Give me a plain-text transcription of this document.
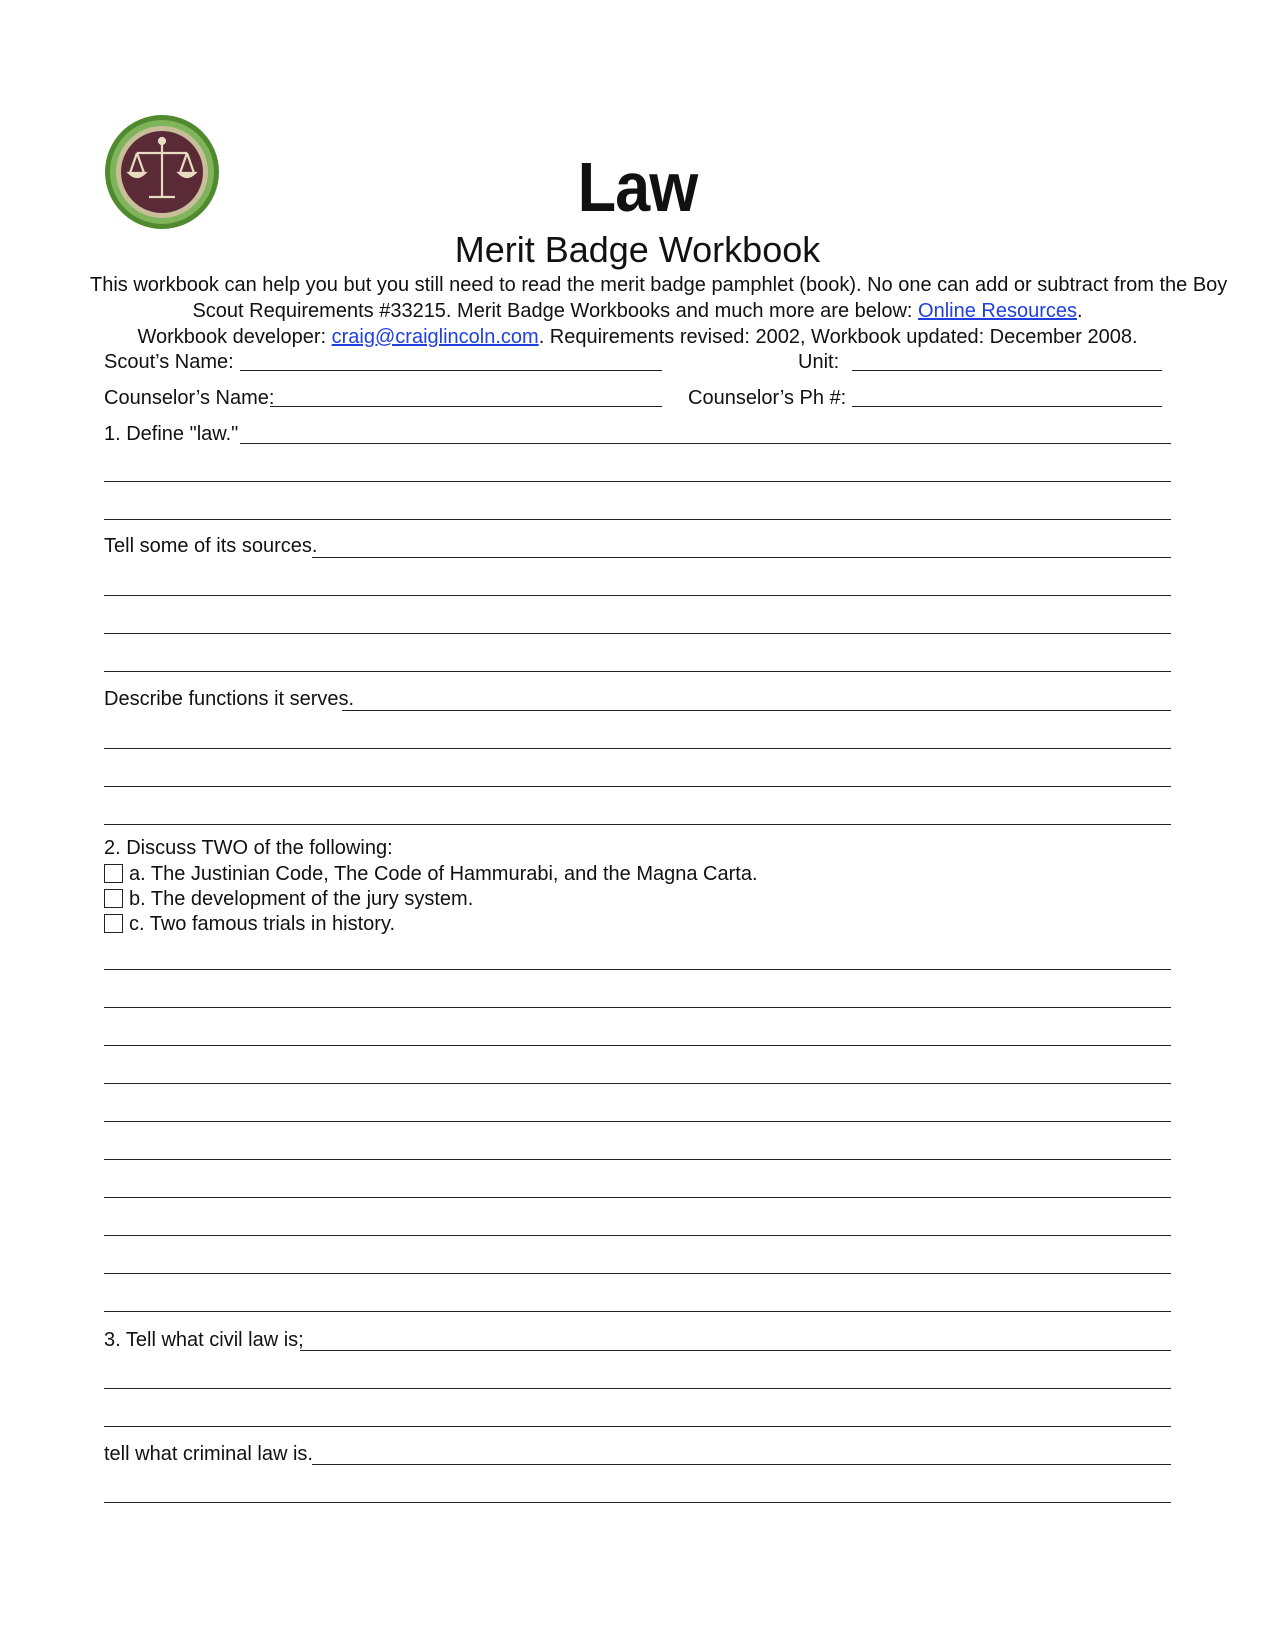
Law
Merit Badge Workbook
This workbook can help you but you still need to read the merit badge pamphlet (book). No one can add or subtract from the Boy
Scout Requirements #33215. Merit Badge Workbooks and much more are below: Online Resources.
Workbook developer: craig@craiglincoln.com. Requirements revised: 2002, Workbook updated: December 2008.
Scout’s Name:	Unit:
Counselor’s Name:	Counselor’s Ph #:
1. Define "law."
Tell some of its sources.
Describe functions it serves.
2. Discuss TWO of the following:
a. The Justinian Code, The Code of Hammurabi, and the Magna Carta.
b. The development of the jury system.
c. Two famous trials in history.
3. Tell what civil law is;
tell what criminal law is.
